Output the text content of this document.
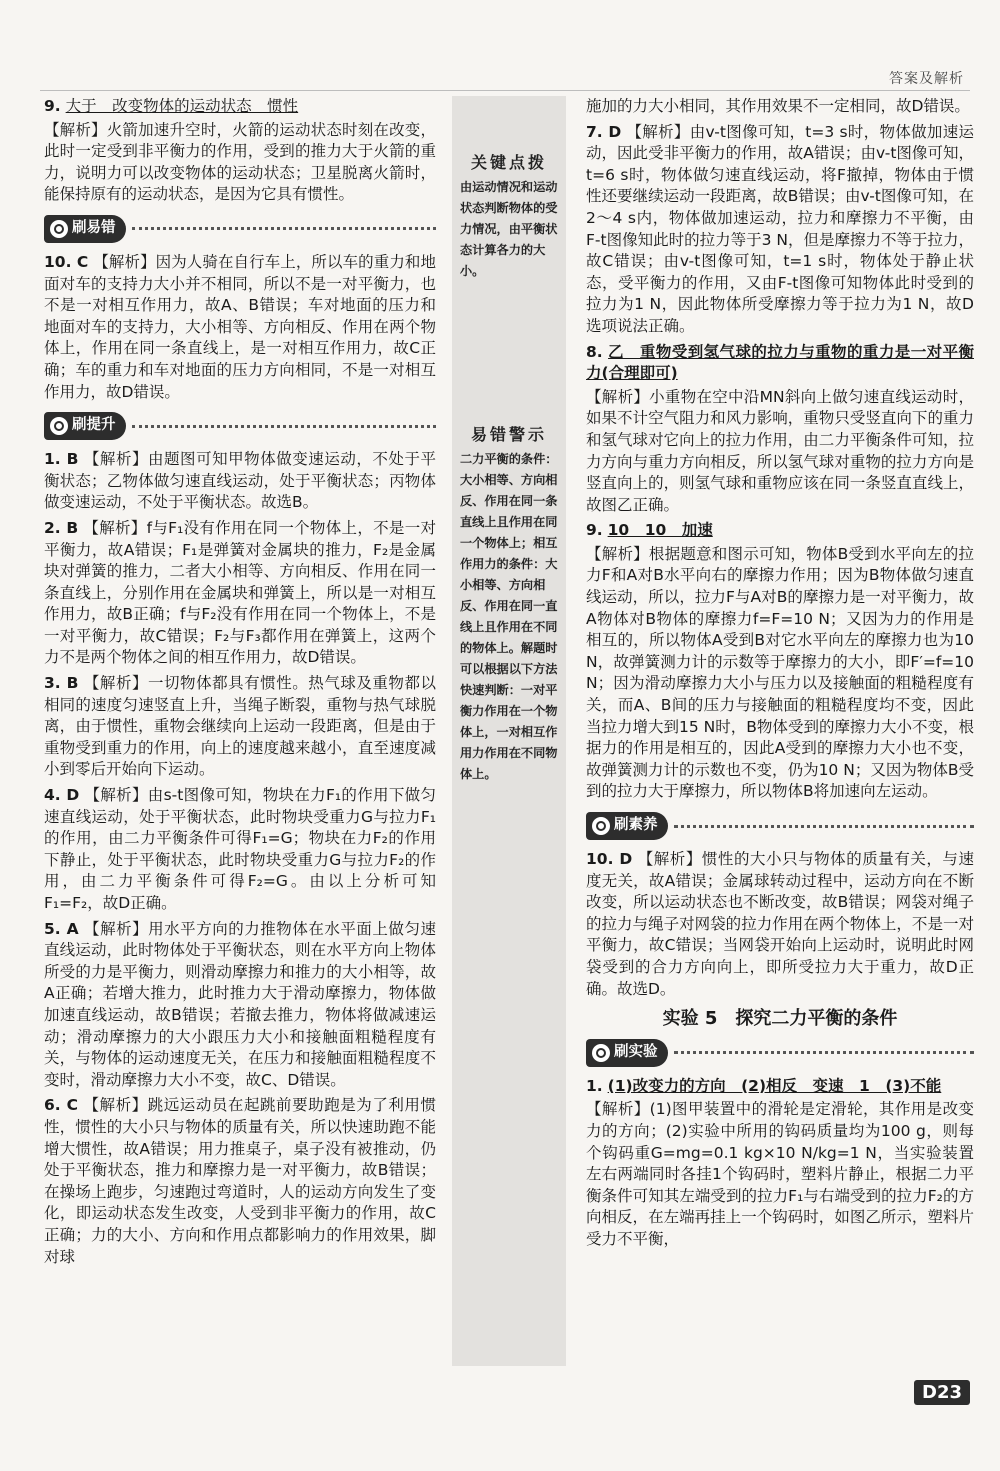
答案及解析

9. 大于　改变物体的运动状态　惯性

【解析】火箭加速升空时，火箭的运动状态时刻在改变，此时一定受到非平衡力的作用，受到的推力大于火箭的重力，说明力可以改变物体的运动状态；卫星脱离火箭时，能保持原有的运动状态，是因为它具有惯性。

刷易错

10. C 【解析】因为人骑在自行车上，所以车的重力和地面对车的支持力大小并不相同，所以不是一对平衡力，也不是一对相互作用力，故A、B错误；车对地面的压力和地面对车的支持力，大小相等、方向相反、作用在两个物体上，作用在同一条直线上，是一对相互作用力，故C正确；车的重力和车对地面的压力方向相同，不是一对相互作用力，故D错误。

刷提升

1. B 【解析】由题图可知甲物体做变速运动，不处于平衡状态；乙物体做匀速直线运动，处于平衡状态；丙物体做变速运动，不处于平衡状态。故选B。

2. B 【解析】f与F₁没有作用在同一个物体上，不是一对平衡力，故A错误；F₁是弹簧对金属块的推力，F₂是金属块对弹簧的推力，二者大小相等、方向相反、作用在同一条直线上，分别作用在金属块和弹簧上，所以是一对相互作用力，故B正确；f与F₂没有作用在同一个物体上，不是一对平衡力，故C错误；F₂与F₃都作用在弹簧上，这两个力不是两个物体之间的相互作用力，故D错误。

3. B 【解析】一切物体都具有惯性。热气球及重物都以相同的速度匀速竖直上升，当绳子断裂，重物与热气球脱离，由于惯性，重物会继续向上运动一段距离，但是由于重物受到重力的作用，向上的速度越来越小，直至速度减小到零后开始向下运动。

4. D 【解析】由s-t图像可知，物块在力F₁的作用下做匀速直线运动，处于平衡状态，此时物块受重力G与拉力F₁的作用，由二力平衡条件可得F₁=G；物块在力F₂的作用下静止，处于平衡状态，此时物块受重力G与拉力F₂的作用，由二力平衡条件可得F₂=G。由以上分析可知F₁=F₂，故D正确。

5. A 【解析】用水平方向的力推物体在水平面上做匀速直线运动，此时物体处于平衡状态，则在水平方向上物体所受的力是平衡力，则滑动摩擦力和推力的大小相等，故A正确；若增大推力，此时推力大于滑动摩擦力，物体做加速直线运动，故B错误；若撤去推力，物体将做减速运动；滑动摩擦力的大小跟压力大小和接触面粗糙程度有关，与物体的运动速度无关，在压力和接触面粗糙程度不变时，滑动摩擦力大小不变，故C、D错误。

6. C 【解析】跳远运动员在起跳前要助跑是为了利用惯性，惯性的大小只与物体的质量有关，所以快速助跑不能增大惯性，故A错误；用力推桌子，桌子没有被推动，仍处于平衡状态，推力和摩擦力是一对平衡力，故B错误；在操场上跑步，匀速跑过弯道时，人的运动方向发生了变化，即运动状态发生改变，人受到非平衡力的作用，故C正确；力的大小、方向和作用点都影响力的作用效果，脚对球

关键点拨
由运动情况和运动状态判断物体的受力情况，由平衡状态计算各力的大小。
易错警示
二力平衡的条件：大小相等、方向相反、作用在同一条直线上且作用在同一个物体上；相互作用力的条件：大小相等、方向相反、作用在同一直线上且作用在不同的物体上。解题时可以根据以下方法快速判断：一对平衡力作用在一个物体上，一对相互作用力作用在不同物体上。

施加的力大小相同，其作用效果不一定相同，故D错误。

7. D 【解析】由v-t图像可知，t=3 s时，物体做加速运动，因此受非平衡力的作用，故A错误；由v-t图像可知，t=6 s时，物体做匀速直线运动，将F撤掉，物体由于惯性还要继续运动一段距离，故B错误；由v-t图像可知，在2～4 s内，物体做加速运动，拉力和摩擦力不平衡，由F-t图像知此时的拉力等于3 N，但是摩擦力不等于拉力，故C错误；由v-t图像可知，t=1 s时，物体处于静止状态，受平衡力的作用，又由F-t图像可知物体此时受到的拉力为1 N，因此物体所受摩擦力等于拉力为1 N，故D选项说法正确。

8. 乙　重物受到氢气球的拉力与重物的重力是一对平衡力(合理即可)

【解析】小重物在空中沿MN斜向上做匀速直线运动时，如果不计空气阻力和风力影响，重物只受竖直向下的重力和氢气球对它向上的拉力作用，由二力平衡条件可知，拉力方向与重力方向相反，所以氢气球对重物的拉力方向是竖直向上的，则氢气球和重物应该在同一条竖直直线上，故图乙正确。

9. 10　10　加速

【解析】根据题意和图示可知，物体B受到水平向左的拉力F和A对B水平向右的摩擦力作用；因为B物体做匀速直线运动，所以，拉力F与A对B的摩擦力是一对平衡力，故A物体对B物体的摩擦力f=F=10 N；又因为力的作用是相互的，所以物体A受到B对它水平向左的摩擦力也为10 N，故弹簧测力计的示数等于摩擦力的大小，即F′=f=10 N；因为滑动摩擦力大小与压力以及接触面的粗糙程度有关，而A、B间的压力与接触面的粗糙程度均不变，因此当拉力增大到15 N时，B物体受到的摩擦力大小不变，根据力的作用是相互的，因此A受到的摩擦力大小也不变，故弹簧测力计的示数也不变，仍为10 N；又因为物体B受到的拉力大于摩擦力，所以物体B将加速向左运动。

刷素养

10. D 【解析】惯性的大小只与物体的质量有关，与速度无关，故A错误；金属球转动过程中，运动方向在不断改变，所以运动状态也不断改变，故B错误；网袋对绳子的拉力与绳子对网袋的拉力作用在两个物体上，不是一对平衡力，故C错误；当网袋开始向上运动时，说明此时网袋受到的合力方向向上，即所受拉力大于重力，故D正确。故选D。

实验 5　探究二力平衡的条件
刷实验

1. (1)改变力的方向　(2)相反　变速　1　(3)不能

【解析】(1)图甲装置中的滑轮是定滑轮，其作用是改变力的方向；(2)实验中所用的钩码质量均为100 g，则每个钩码重G=mg=0.1 kg×10 N/kg=1 N，当实验装置左右两端同时各挂1个钩码时，塑料片静止，根据二力平衡条件可知其左端受到的拉力F₁与右端受到的拉力F₂的方向相反，在左端再挂上一个钩码时，如图乙所示，塑料片受力不平衡，

D23
